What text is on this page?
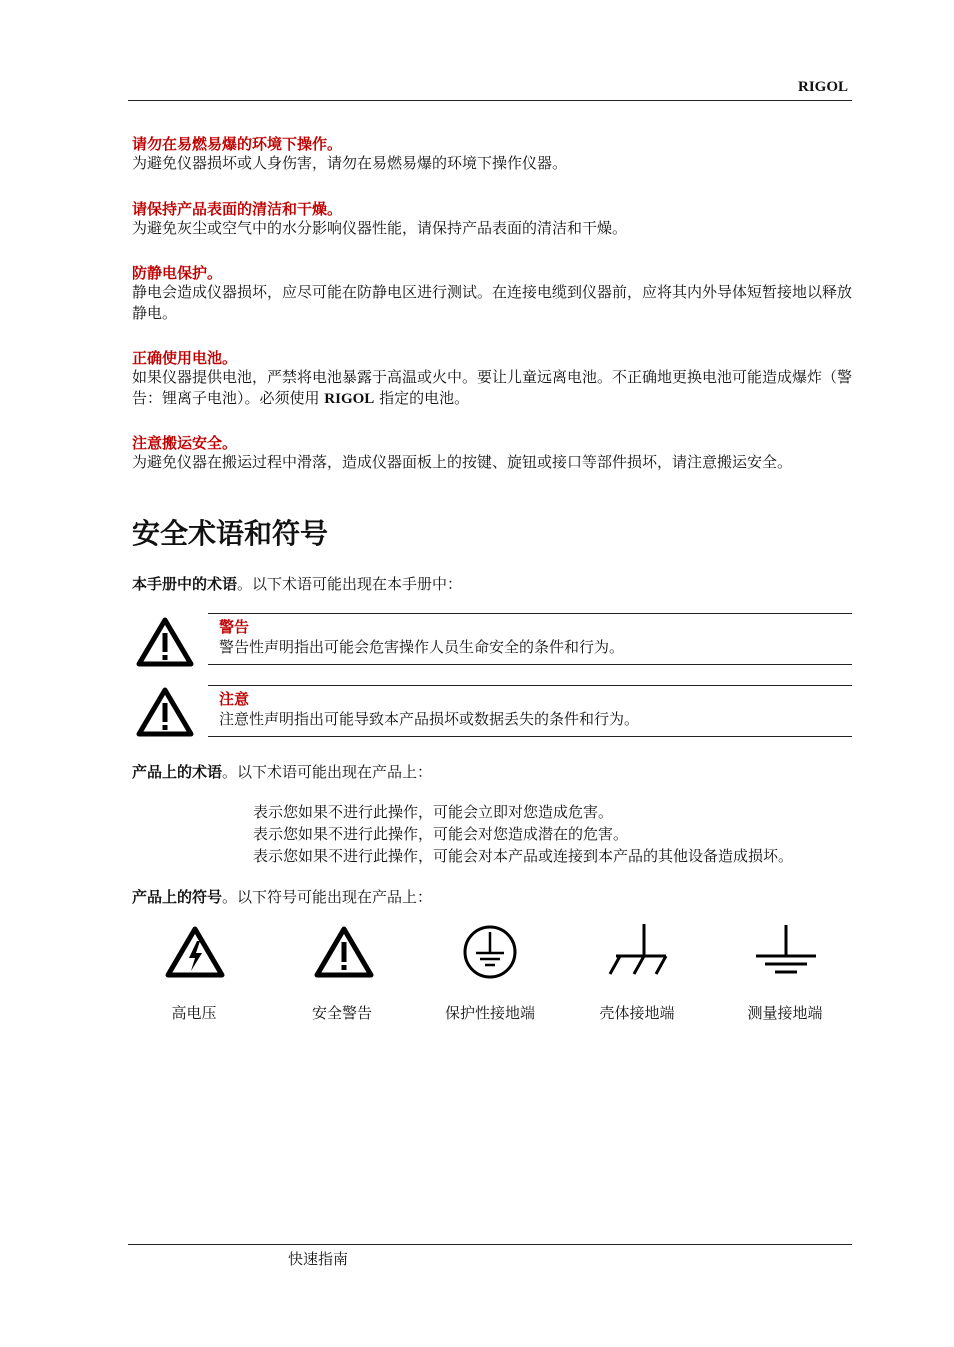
RIGOL
请勿在易燃易爆的环境下操作。
为避免仪器损坏或人身伤害，请勿在易燃易爆的环境下操作仪器。
请保持产品表面的清洁和干燥。
为避免灰尘或空气中的水分影响仪器性能，请保持产品表面的清洁和干燥。
防静电保护。
静电会造成仪器损坏，应尽可能在防静电区进行测试。在连接电缆到仪器前，应将其内外导体短暂接地以释放静电。
正确使用电池。
如果仪器提供电池，严禁将电池暴露于高温或火中。要让儿童远离电池。不正确地更换电池可能造成爆炸（警告：锂离子电池）。必须使用 RIGOL 指定的电池。
注意搬运安全。
为避免仪器在搬运过程中滑落，造成仪器面板上的按键、旋钮或接口等部件损坏，请注意搬运安全。
安全术语和符号
本手册中的术语。以下术语可能出现在本手册中：
警告
警告性声明指出可能会危害操作人员生命安全的条件和行为。
注意
注意性声明指出可能导致本产品损坏或数据丢失的条件和行为。
产品上的术语。以下术语可能出现在产品上：
表示您如果不进行此操作，可能会立即对您造成危害。
表示您如果不进行此操作，可能会对您造成潜在的危害。
表示您如果不进行此操作，可能会对本产品或连接到本产品的其他设备造成损坏。
产品上的符号。以下符号可能出现在产品上：
高电压	安全警告	保护性接地端	壳体接地端	测量接地端
快速指南
